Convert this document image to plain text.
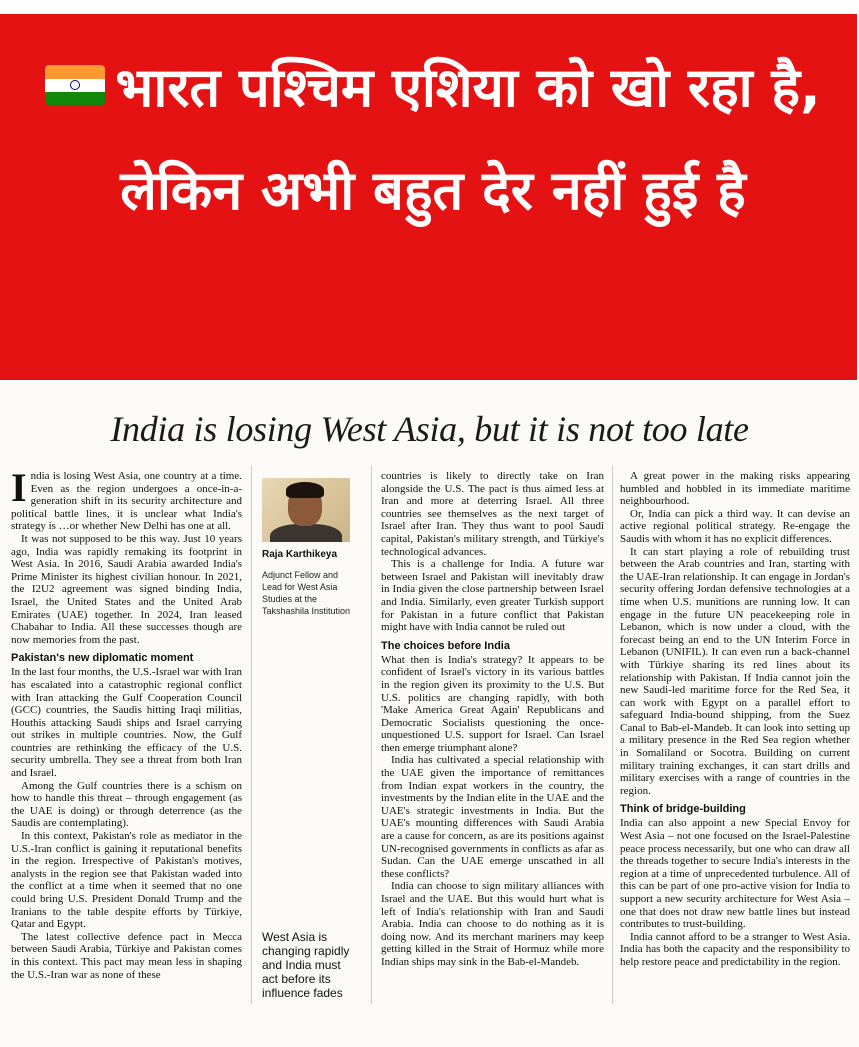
भारत पश्चिम एशिया को खो रहा है, लेकिन अभी बहुत देर नहीं हुई है
India is losing West Asia, but it is not too late

India is losing West Asia, one country at a time. Even as the region undergoes a once-in-a-generation shift in its security architecture and political battle lines, it is unclear what India's strategy is …or whether New Delhi has one at all.

It was not supposed to be this way. Just 10 years ago, India was rapidly remaking its footprint in West Asia. In 2016, Saudi Arabia awarded India's Prime Minister its highest civilian honour. In 2021, the I2U2 agreement was signed binding India, Israel, the United States and the United Arab Emirates (UAE) together. In 2024, Iran leased Chabahar to India. All these successes though are now memories from the past.

Pakistan's new diplomatic moment

In the last four months, the U.S.-Israel war with Iran has escalated into a catastrophic regional conflict with Iran attacking the Gulf Cooperation Council (GCC) countries, the Saudis hitting Iraqi militias, Houthis attacking Saudi ships and Israel carrying out strikes in multiple countries. Now, the Gulf countries are rethinking the efficacy of the U.S. security umbrella. They see a threat from both Iran and Israel.

Among the Gulf countries there is a schism on how to handle this threat – through engagement (as the UAE is doing) or through deterrence (as the Saudis are contemplating).

In this context, Pakistan's role as mediator in the U.S.-Iran conflict is gaining it reputational benefits in the region. Irrespective of Pakistan's motives, analysts in the region see that Pakistan waded into the conflict at a time when it seemed that no one could bring U.S. President Donald Trump and the Iranians to the table despite efforts by Türkiye, Qatar and Egypt.

The latest collective defence pact in Mecca between Saudi Arabia, Türkiye and Pakistan comes in this context. This pact may mean less in shaping the U.S.-Iran war as none of these

Raja Karthikeya
Adjunct Fellow and Lead for West Asia Studies at the Takshashila Institution
West Asia is changing rapidly and India must act before its influence fades

countries is likely to directly take on Iran alongside the U.S. The pact is thus aimed less at Iran and more at deterring Israel. All three countries see themselves as the next target of Israel after Iran. They thus want to pool Saudi capital, Pakistan's military strength, and Türkiye's technological advances.

This is a challenge for India. A future war between Israel and Pakistan will inevitably draw in India given the close partnership between Israel and India. Similarly, even greater Turkish support for Pakistan in a future conflict that Pakistan might have with India cannot be ruled out

The choices before India

What then is India's strategy? It appears to be confident of Israel's victory in its various battles in the region given its proximity to the U.S. But U.S. politics are changing rapidly, with both 'Make America Great Again' Republicans and Democratic Socialists questioning the once-unquestioned U.S. support for Israel. Can Israel then emerge triumphant alone?

India has cultivated a special relationship with the UAE given the importance of remittances from Indian expat workers in the country, the investments by the Indian elite in the UAE and the UAE's strategic investments in India. But the UAE's mounting differences with Saudi Arabia are a cause for concern, as are its positions against UN-recognised governments in conflicts as afar as Sudan. Can the UAE emerge unscathed in all these conflicts?

India can choose to sign military alliances with Israel and the UAE. But this would hurt what is left of India's relationship with Iran and Saudi Arabia. India can choose to do nothing as it is doing now. And its merchant mariners may keep getting killed in the Strait of Hormuz while more Indian ships may sink in the Bab-el-Mandeb.

A great power in the making risks appearing humbled and hobbled in its immediate maritime neighbourhood.

Or, India can pick a third way. It can devise an active regional political strategy. Re-engage the Saudis with whom it has no explicit differences.

It can start playing a role of rebuilding trust between the Arab countries and Iran, starting with the UAE-Iran relationship. It can engage in Jordan's security offering Jordan defensive technologies at a time when U.S. munitions are running low. It can engage in the future UN peacekeeping role in Lebanon, which is now under a cloud, with the forecast being an end to the UN Interim Force in Lebanon (UNIFIL). It can even run a back-channel with Türkiye sharing its red lines about its relationship with Pakistan. If India cannot join the new Saudi-led maritime force for the Red Sea, it can work with Egypt on a parallel effort to safeguard India-bound shipping, from the Suez Canal to Bab-el-Mandeb. It can look into setting up a military presence in the Red Sea region whether in Somaliland or Socotra. Building on current military training exchanges, it can start drills and military exercises with a range of countries in the region.

Think of bridge-building

India can also appoint a new Special Envoy for West Asia – not one focused on the Israel-Palestine peace process necessarily, but one who can draw all the threads together to secure India's interests in the region at a time of unprecedented turbulence. All of this can be part of one pro-active vision for India to support a new security architecture for West Asia – one that does not draw new battle lines but instead contributes to trust-building.

India cannot afford to be a stranger to West Asia. India has both the capacity and the responsibility to help restore peace and predictability in the region.
